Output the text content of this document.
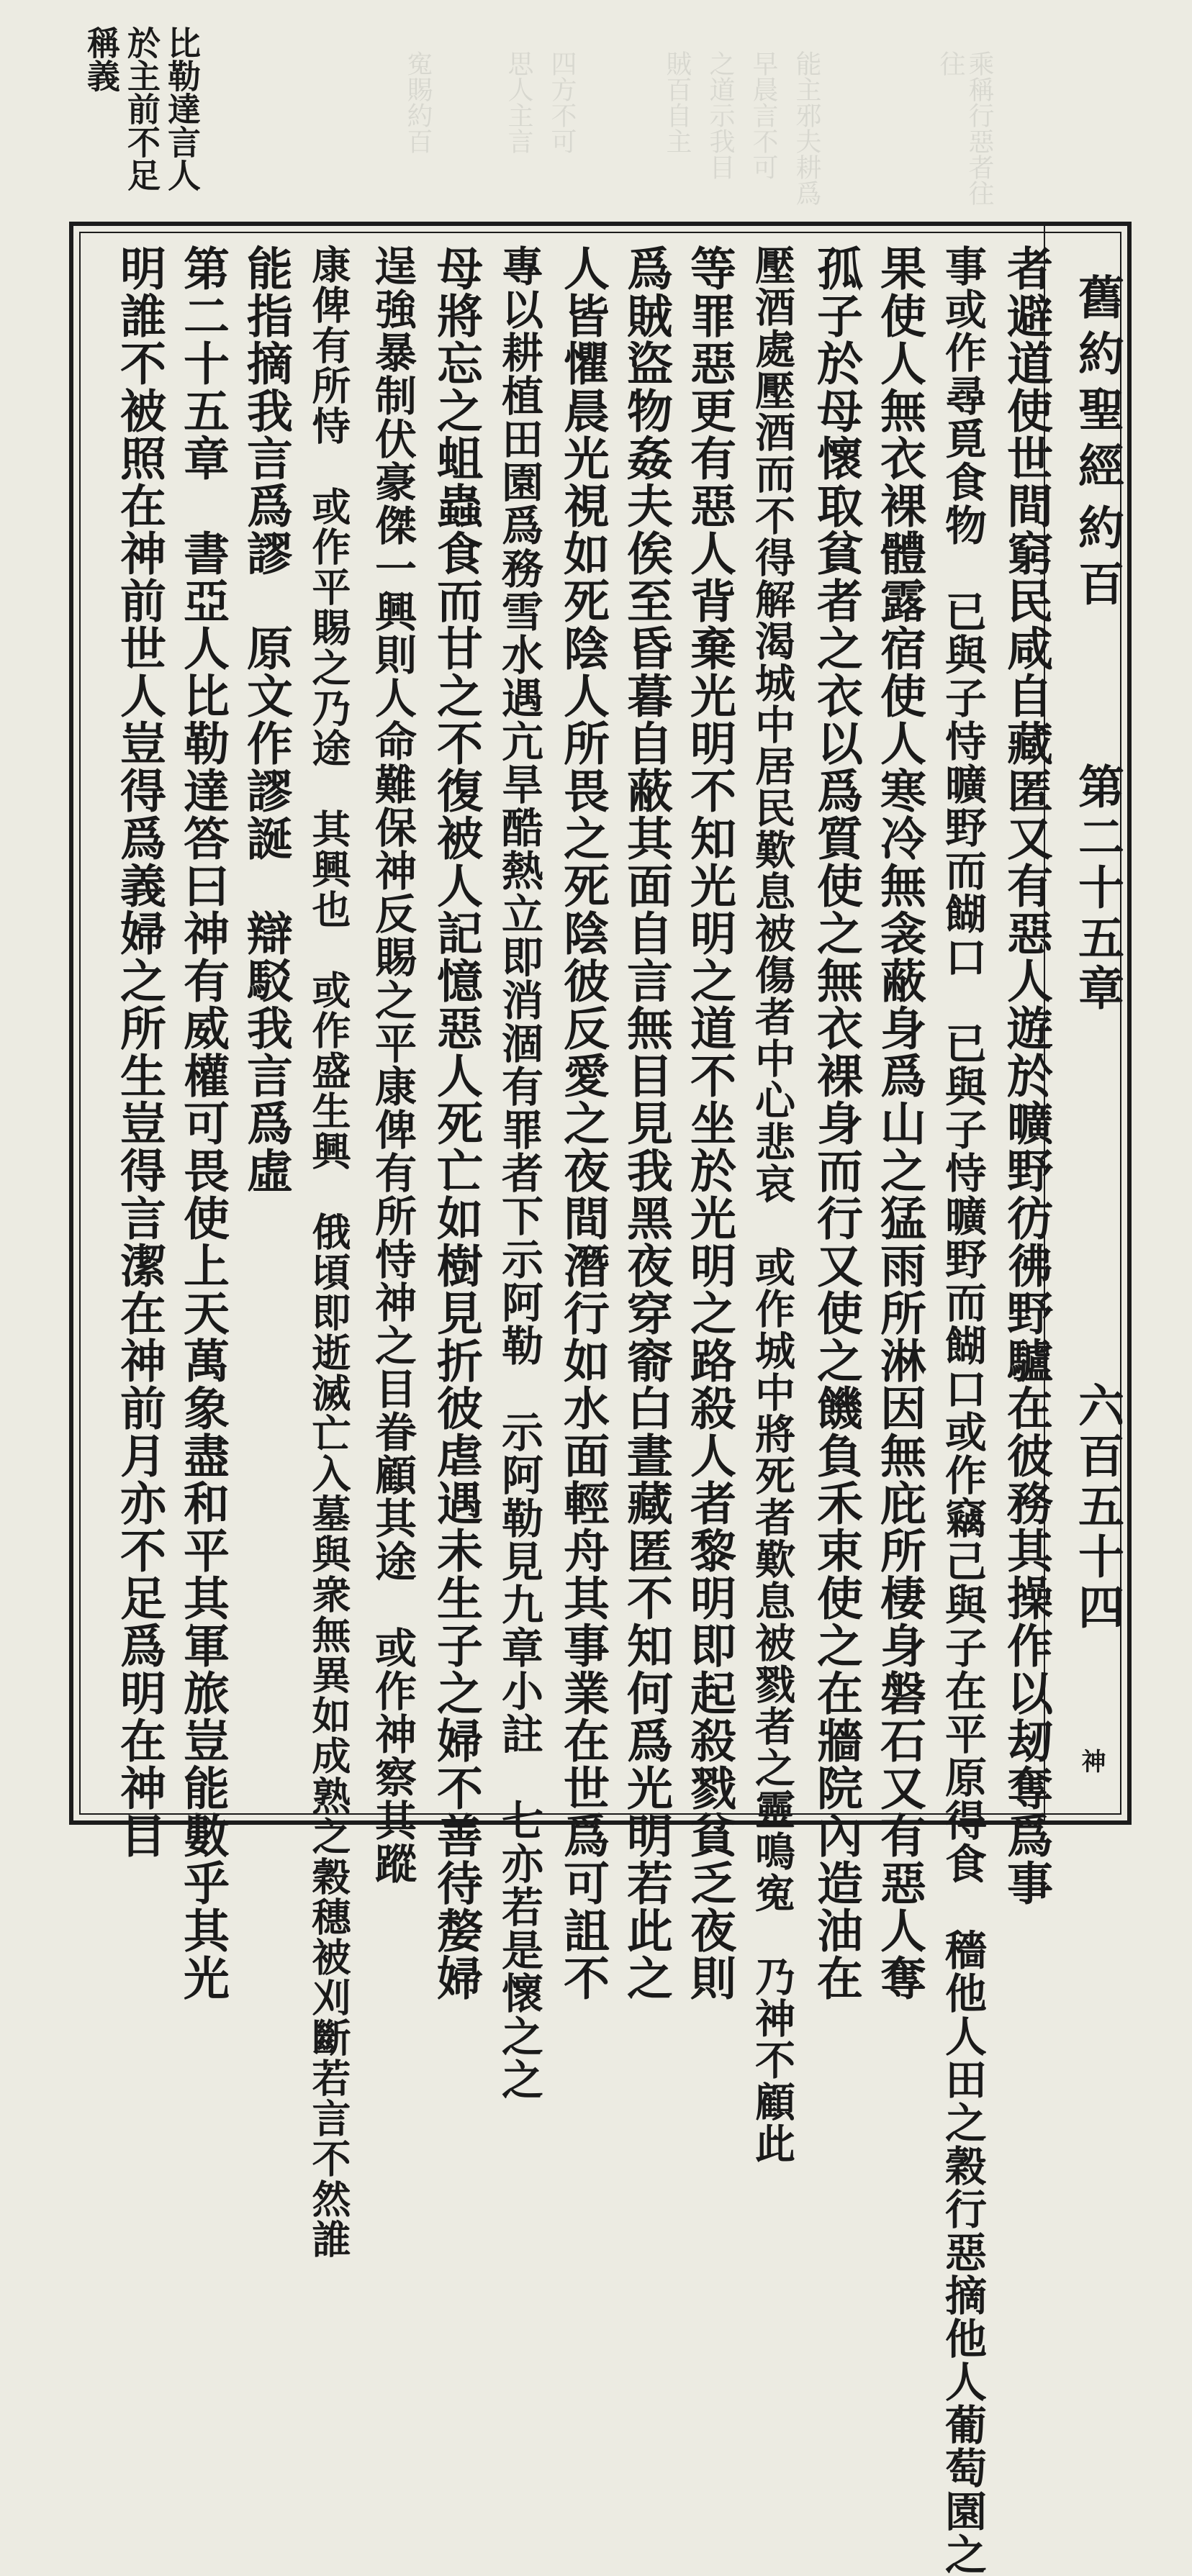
乘稱行惡者往往
能主邪夫耕爲
早晨言不可
之道示我目
賊百自主
四方不可
思人主言
寃賜約百
比勒達言人
於主前不足
稱義
舊約聖經
約百
第二十五章
六百五十四
神
者避道使世間窮民咸自藏匿又有惡人遊於曠野彷彿野驢在彼務其操作以刼奪爲事
事或作尋覓食物　已與子恃曠野而餬口　已與子恃曠野而餬口或作竊己與子在平原得食　穡他人田之穀行惡摘他人葡萄園之
果使人無衣裸體露宿使人寒冷無衾蔽身爲山之猛雨所淋因無庇所棲身磐石又有惡人奪
孤子於母懷取貧者之衣以爲質使之無衣裸身而行又使之饑負禾束使之在牆院內造油在
壓酒處壓酒而不得解渴城中居民歎息被傷者中心悲哀　或作城中將死者歎息被戮者之靈鳴寃　乃神不顧此
等罪惡更有惡人背棄光明不知光明之道不坐於光明之路殺人者黎明即起殺戮貧乏夜則
爲賊盜物姦夫俟至昏暮自蔽其面自言無目見我黑夜穿窬白晝藏匿不知何爲光明若此之
人皆懼晨光視如死陰人所畏之死陰彼反愛之夜間潛行如水面輕舟其事業在世爲可詛不
專以耕植田園爲務雪水遇亢旱酷熱立即消涸有罪者下示阿勒　示阿勒見九章小註　七亦若是懷之之
母將忘之蛆蟲食而甘之不復被人記憶惡人死亡如樹見折彼虐遇未生子之婦不善待嫠婦
逞強暴制伏豪傑一興則人命難保神反賜之平康俾有所恃神之目眷顧其途　或作神察其蹤
康俾有所恃　或作平賜之乃途　其興也　或作盛生興　俄頃即逝滅亡入墓與衆無異如成熟之穀穗被刈斷若言不然誰
能指摘我言爲謬　原文作謬誕　辯駁我言爲虛
第二十五章　書亞人比勒達答曰神有威權可畏使上天萬象盡和平其軍旅豈能數乎其光
明誰不被照在神前世人豈得爲義婦之所生豈得言潔在神前月亦不足爲明在神目
